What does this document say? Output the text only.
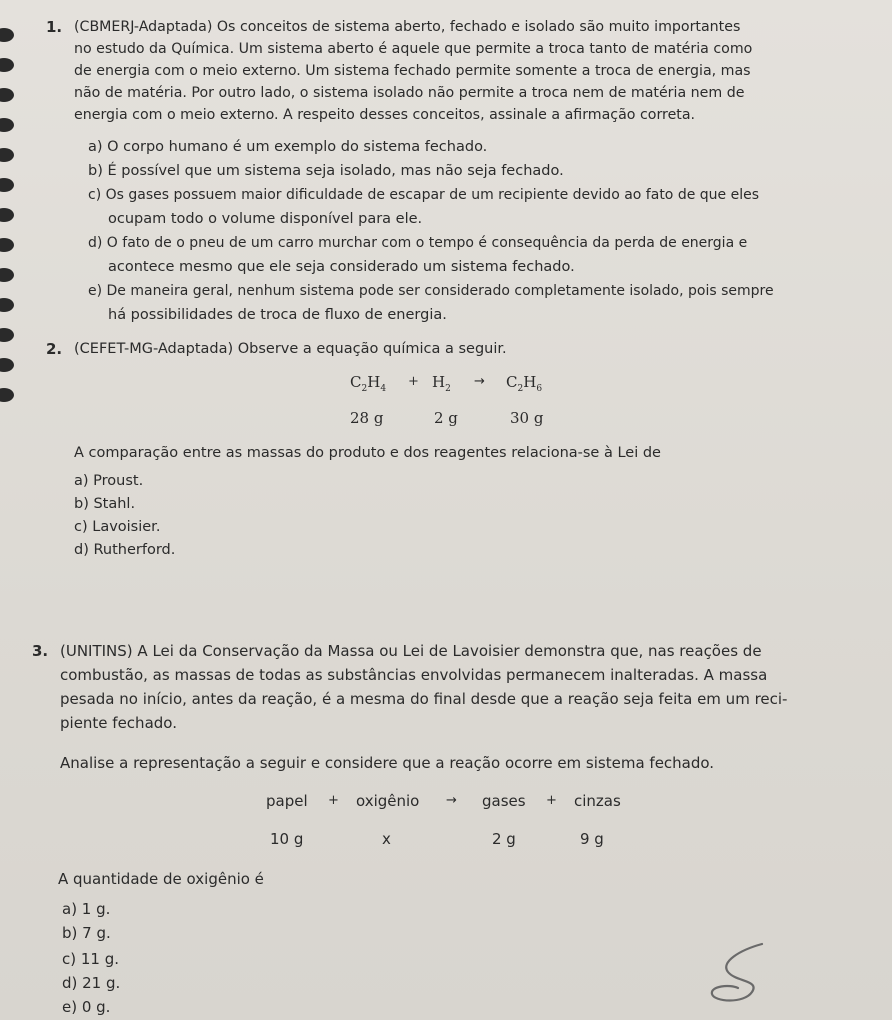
1. (CBMERJ-Adaptada) Os conceitos de sistema aberto, fechado e isolado são muito importantes
no estudo da Química. Um sistema aberto é aquele que permite a troca tanto de matéria como
de energia com o meio externo. Um sistema fechado permite somente a troca de energia, mas
não de matéria. Por outro lado, o sistema isolado não permite a troca nem de matéria nem de
energia com o meio externo. A respeito desses conceitos, assinale a afirmação correta.
a) O corpo humano é um exemplo do sistema fechado.
b) É possível que um sistema seja isolado, mas não seja fechado.
c) Os gases possuem maior dificuldade de escapar de um recipiente devido ao fato de que eles
ocupam todo o volume disponível para ele.
d) O fato de o pneu de um carro murchar com o tempo é consequência da perda de energia e
acontece mesmo que ele seja considerado um sistema fechado.
e) De maneira geral, nenhum sistema pode ser considerado completamente isolado, pois sempre
há possibilidades de troca de fluxo de energia.
2. (CEFET-MG-Adaptada) Observe a equação química a seguir.
$C_2H_4 + H_2 \to C_2H_6$
28 g	2 g	30 g
A comparação entre as massas do produto e dos reagentes relaciona-se à Lei de
a) Proust.
b) Stahl.
c) Lavoisier.
d) Rutherford.
3. (UNITINS) A Lei da Conservação da Massa ou Lei de Lavoisier demonstra que, nas reações de
combustão, as massas de todas as substâncias envolvidas permanecem inalteradas. A massa
pesada no início, antes da reação, é a mesma do final desde que a reação seja feita em um reci-
piente fechado.
Analise a representação a seguir e considere que a reação ocorre em sistema fechado.
papel + oxigênio → gases + cinzas
10 g	x	2 g	9 g
A quantidade de oxigênio é
a) 1 g.
b) 7 g.
c) 11 g.
d) 21 g.
e) 0 g.
